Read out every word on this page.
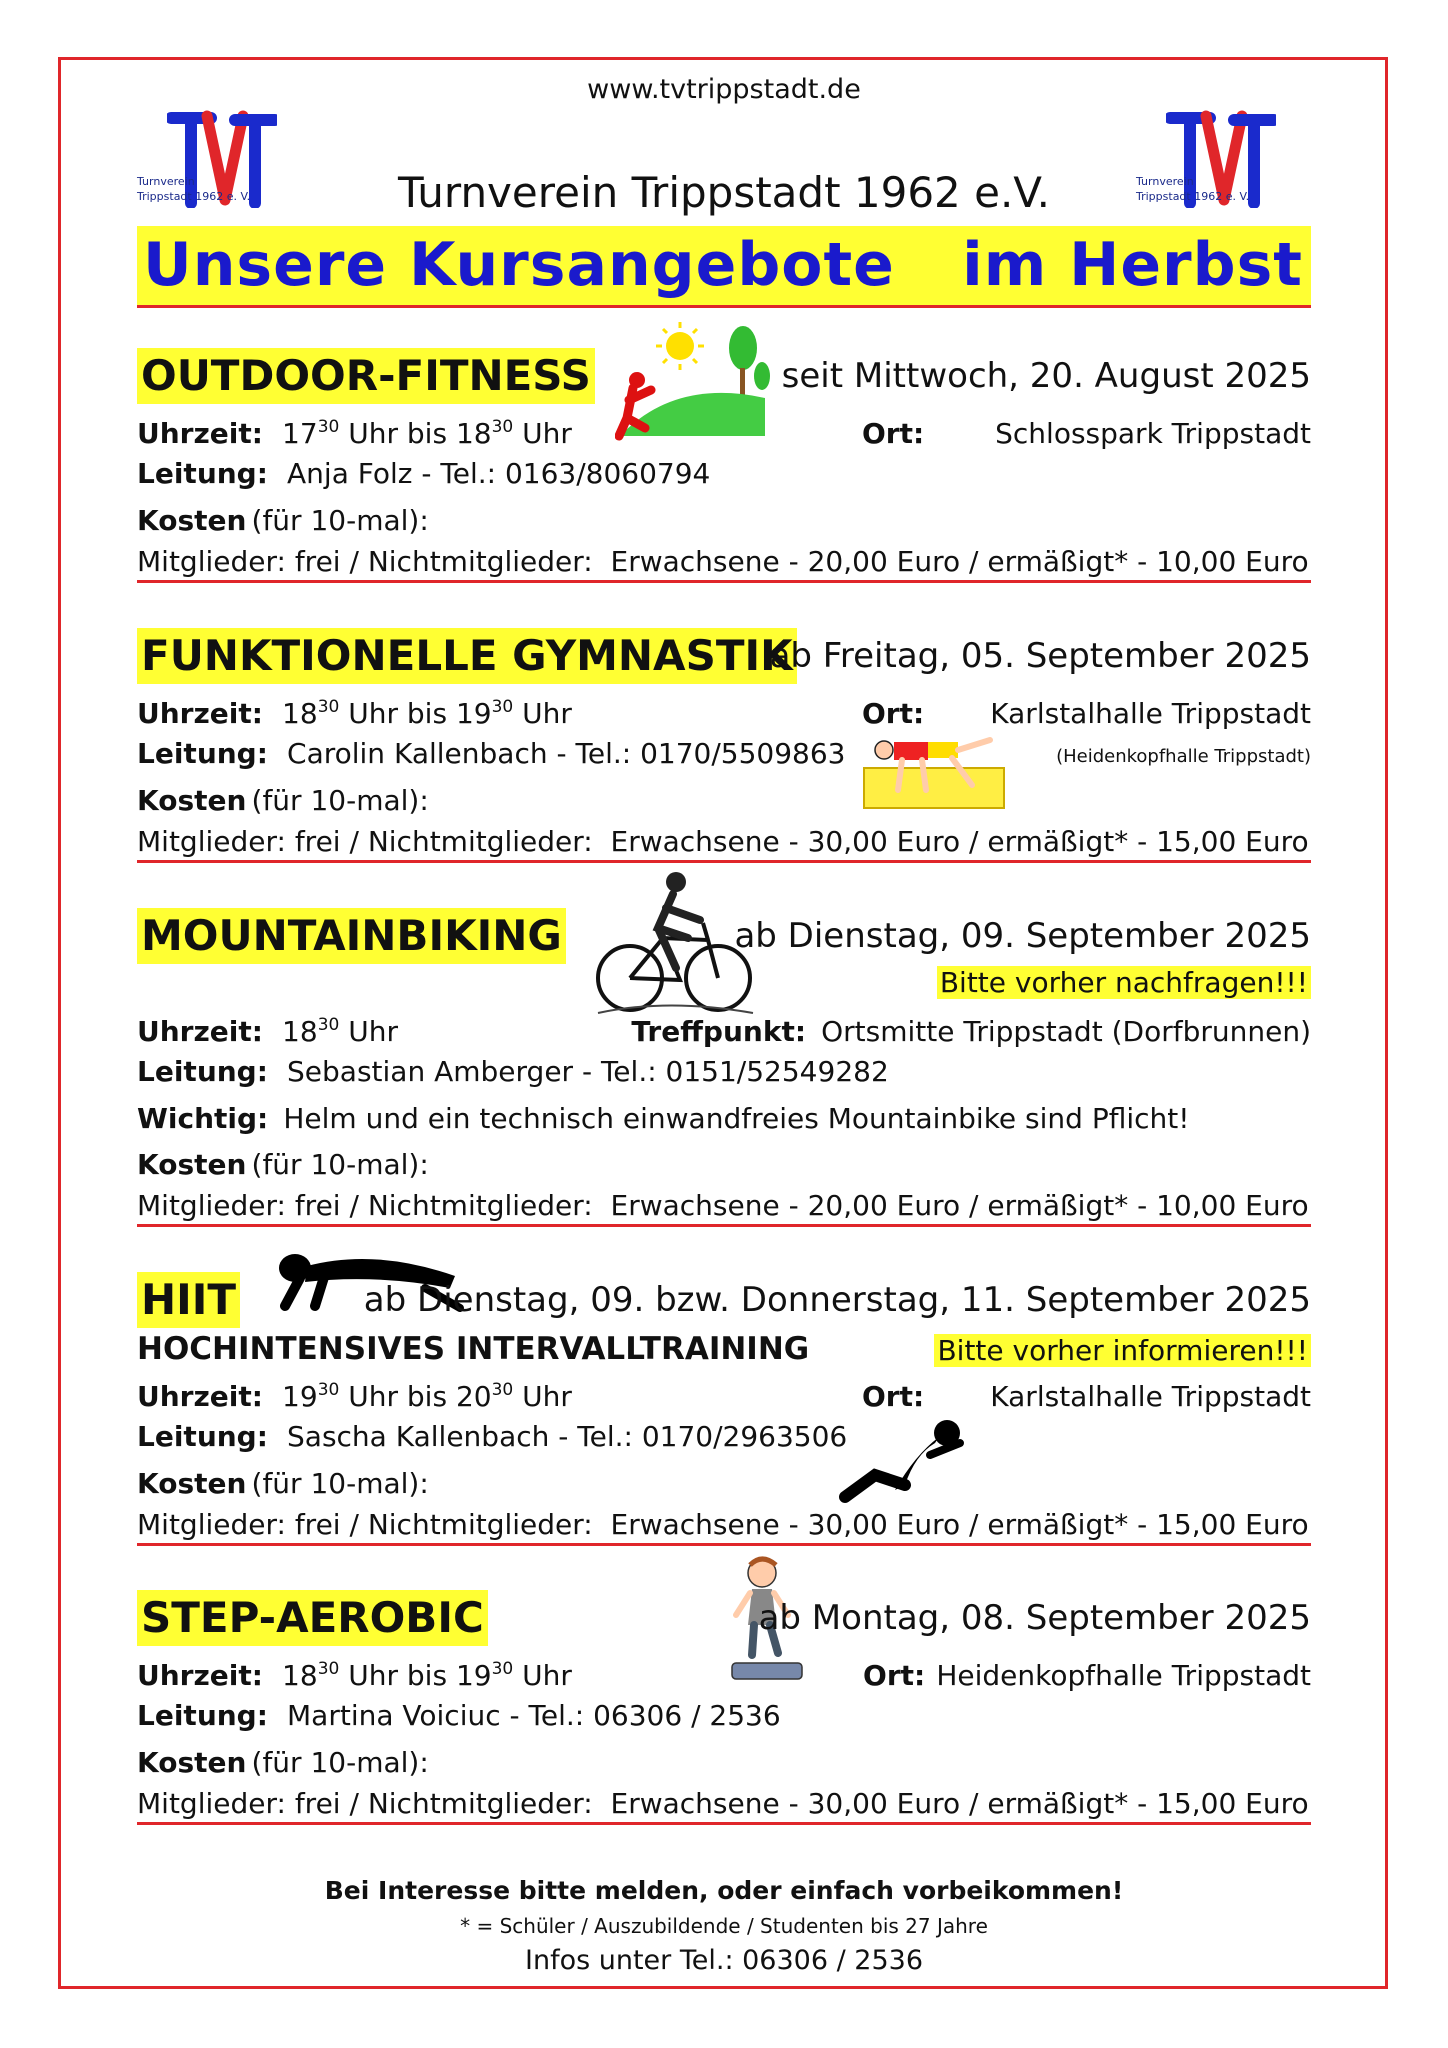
www.tvtrippstadt.de
Turnverein
Trippstadt 1962 e. V.
Turnverein
Trippstadt 1962 e. V.
Turnverein Trippstadt 1962 e.V.
Unsere Kursangebote im Herbst
OUTDOOR-FITNESS	seit Mittwoch, 20. August 2025
Uhrzeit: $17^{30}$ Uhr bis $18^{30}$ Uhr	Ort:	Schlosspark Trippstadt
Leitung: Anja Folz - Tel.: 0163/8060794
Kosten (für 10-mal):
Mitglieder: frei / Nichtmitglieder:  Erwachsene - 20,00 Euro / ermäßigt* - 10,00 Euro
FUNKTIONELLE GYMNASTIK
ab Freitag, 05. September 2025
Uhrzeit: $18^{30}$ Uhr bis $19^{30}$ Uhr	Ort: Karlstalhalle Trippstadt
Leitung: Carolin Kallenbach - Tel.: 0170/5509863	(Heidenkopfhalle Trippstadt)
Kosten (für 10-mal):
Mitglieder: frei / Nichtmitglieder:  Erwachsene - 30,00 Euro / ermäßigt* - 15,00 Euro
MOUNTAINBIKING	ab Dienstag, 09. September 2025
Bitte vorher nachfragen!!!
Uhrzeit: $18^{30}$ Uhr	Treffpunkt: Ortsmitte Trippstadt (Dorfbrunnen)
Leitung: Sebastian Amberger - Tel.: 0151/52549282
Wichtig: Helm und ein technisch einwandfreies Mountainbike sind Pflicht!
Kosten (für 10-mal):
Mitglieder: frei / Nichtmitglieder:  Erwachsene - 20,00 Euro / ermäßigt* - 10,00 Euro
HIIT	ab Dienstag, 09. bzw. Donnerstag, 11. September 2025
HOCHINTENSIVES INTERVALLTRAINING	Bitte vorher informieren!!!
Uhrzeit: $19^{30}$ Uhr bis $20^{30}$ Uhr	Ort: Karlstalhalle Trippstadt
Leitung: Sascha Kallenbach - Tel.: 0170/2963506
Kosten (für 10-mal):
Mitglieder: frei / Nichtmitglieder:  Erwachsene - 30,00 Euro / ermäßigt* - 15,00 Euro
STEP-AEROBIC	ab Montag, 08. September 2025
Uhrzeit: $18^{30}$ Uhr bis $19^{30}$ Uhr	Ort: Heidenkopfhalle Trippstadt
Leitung: Martina Voiciuc - Tel.: 06306 / 2536
Kosten (für 10-mal):
Mitglieder: frei / Nichtmitglieder:  Erwachsene - 30,00 Euro / ermäßigt* - 15,00 Euro
Bei Interesse bitte melden, oder einfach vorbeikommen!
* = Schüler / Auszubildende / Studenten bis 27 Jahre
Infos unter Tel.: 06306 / 2536
